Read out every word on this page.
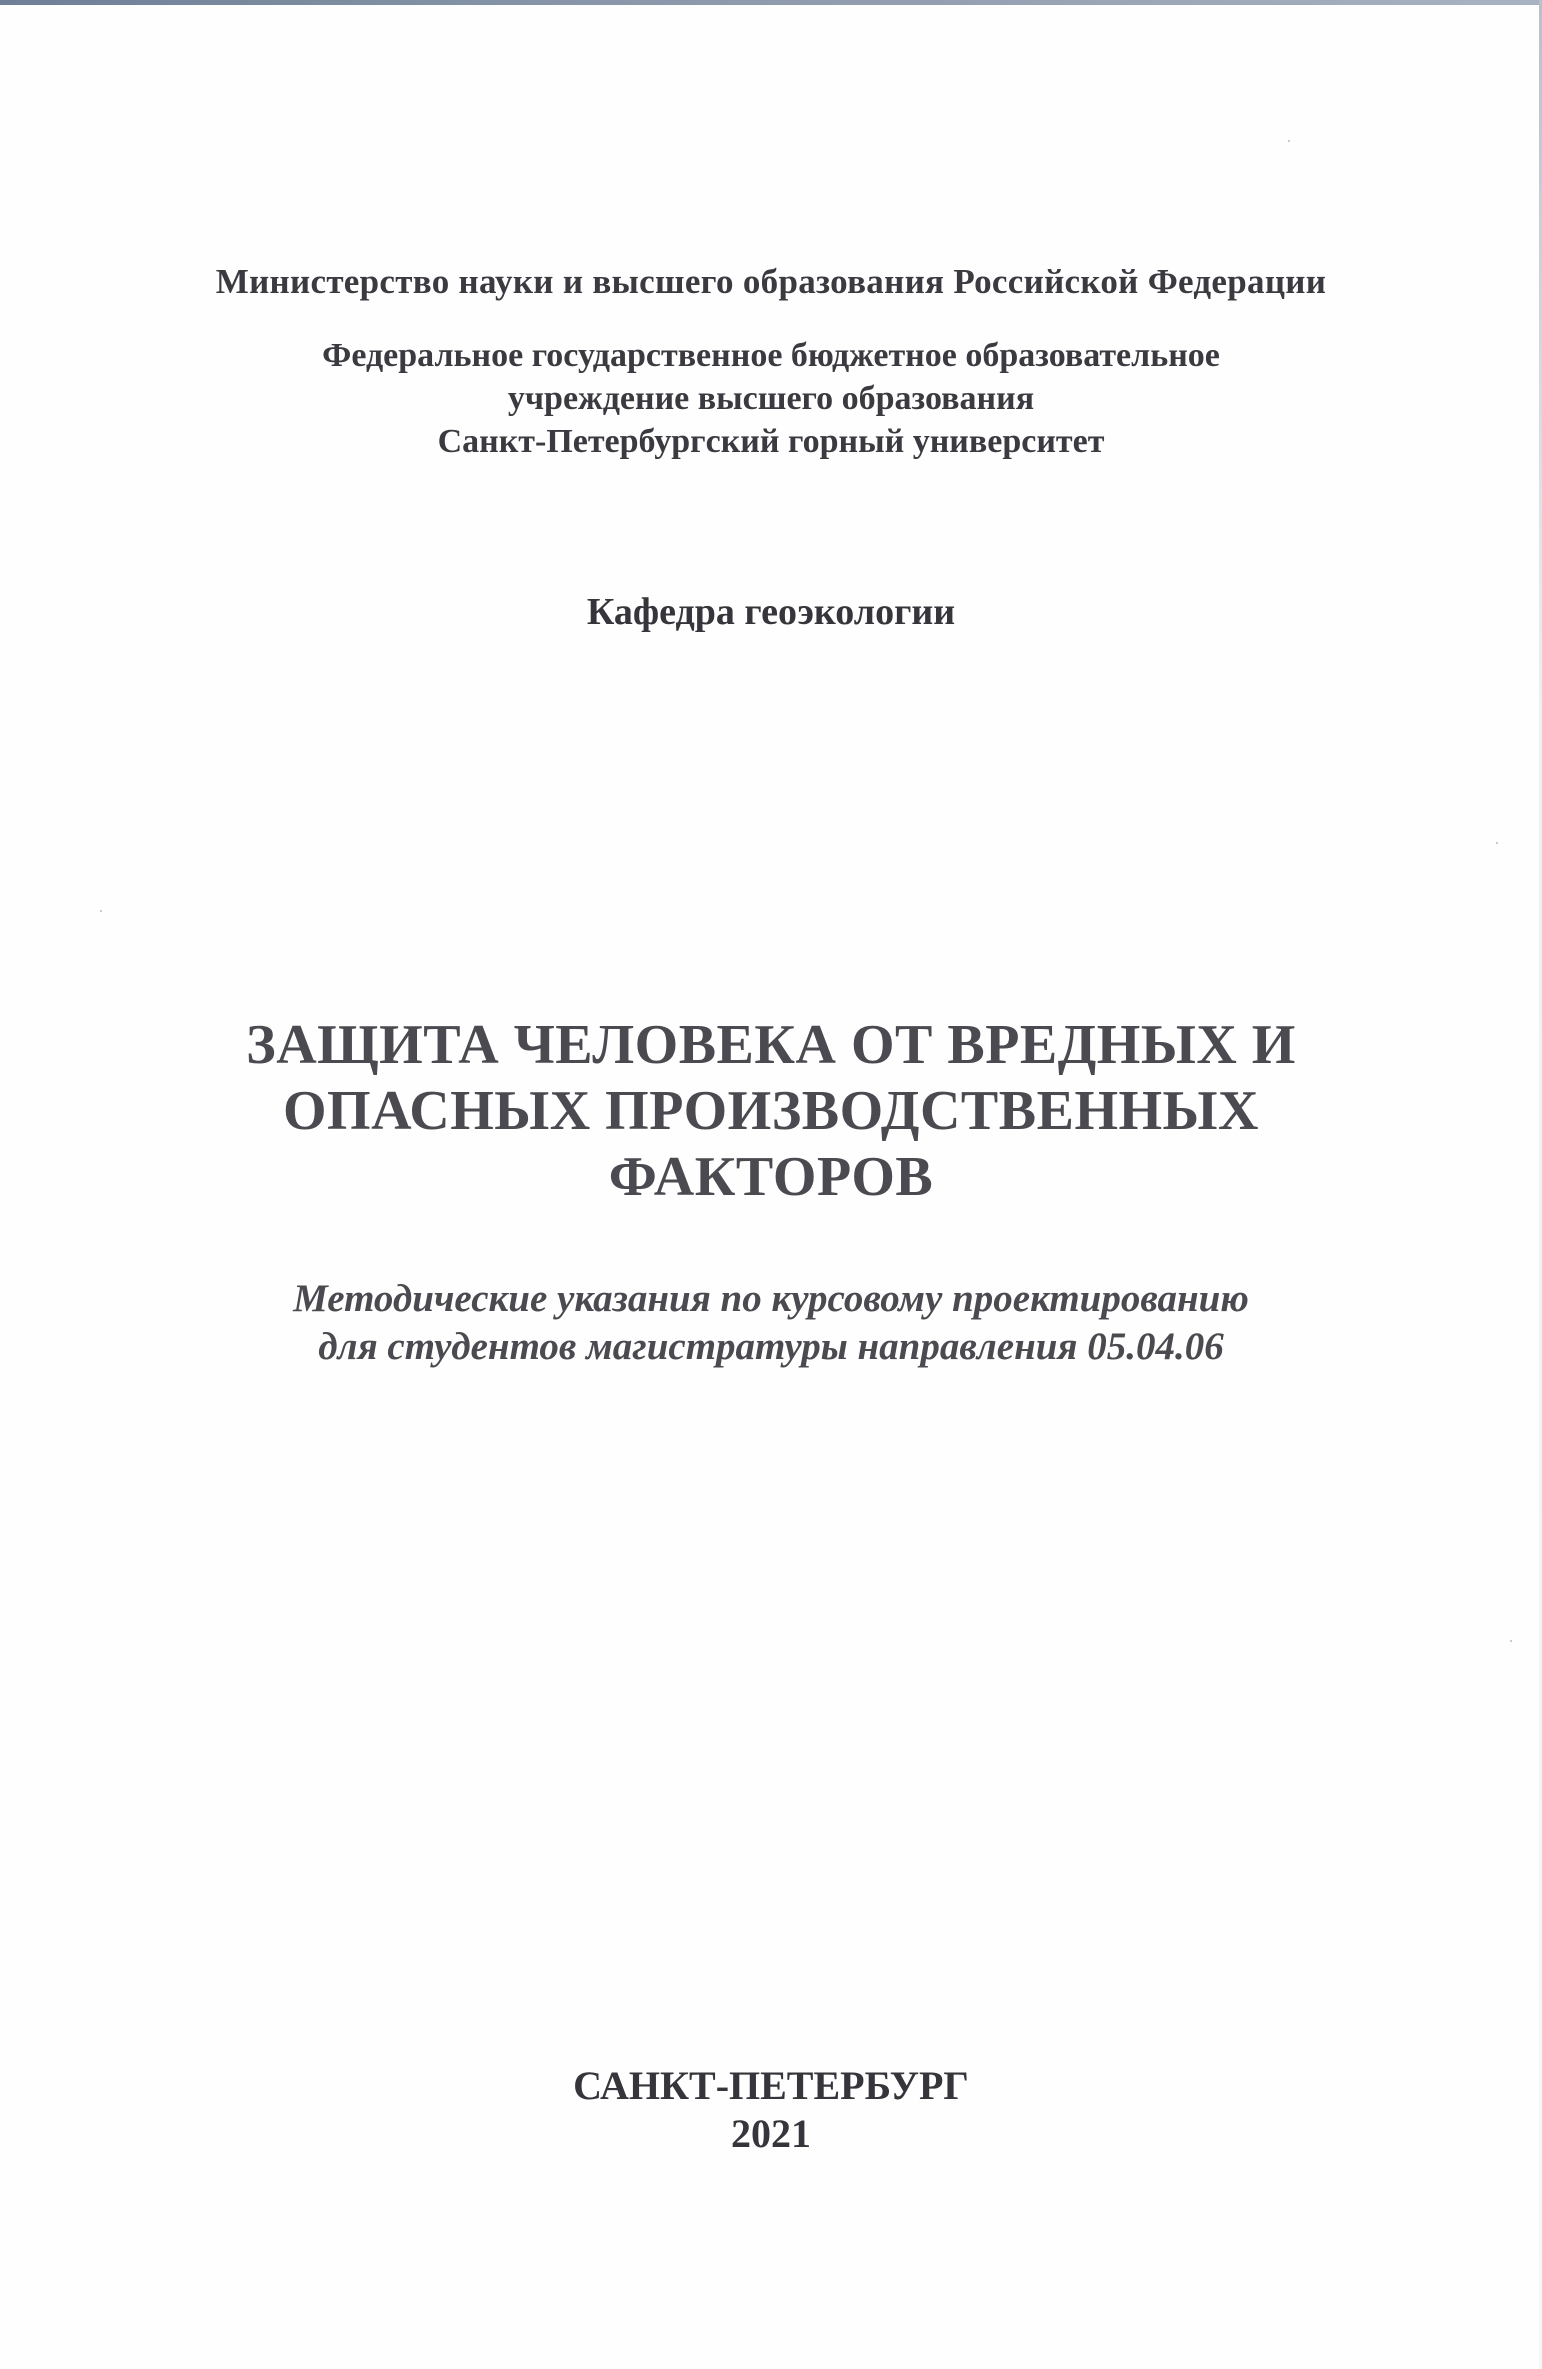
Министерство науки и высшего образования Российской Федерации
Федеральное государственное бюджетное образовательное
учреждение высшего образования
Санкт-Петербургский горный университет
Кафедра геоэкологии
ЗАЩИТА ЧЕЛОВЕКА ОТ ВРЕДНЫХ И
ОПАСНЫХ ПРОИЗВОДСТВЕННЫХ
ФАКТОРОВ
Методические указания по курсовому проектированию
для студентов магистратуры направления 05.04.06
САНКТ-ПЕТЕРБУРГ
2021
